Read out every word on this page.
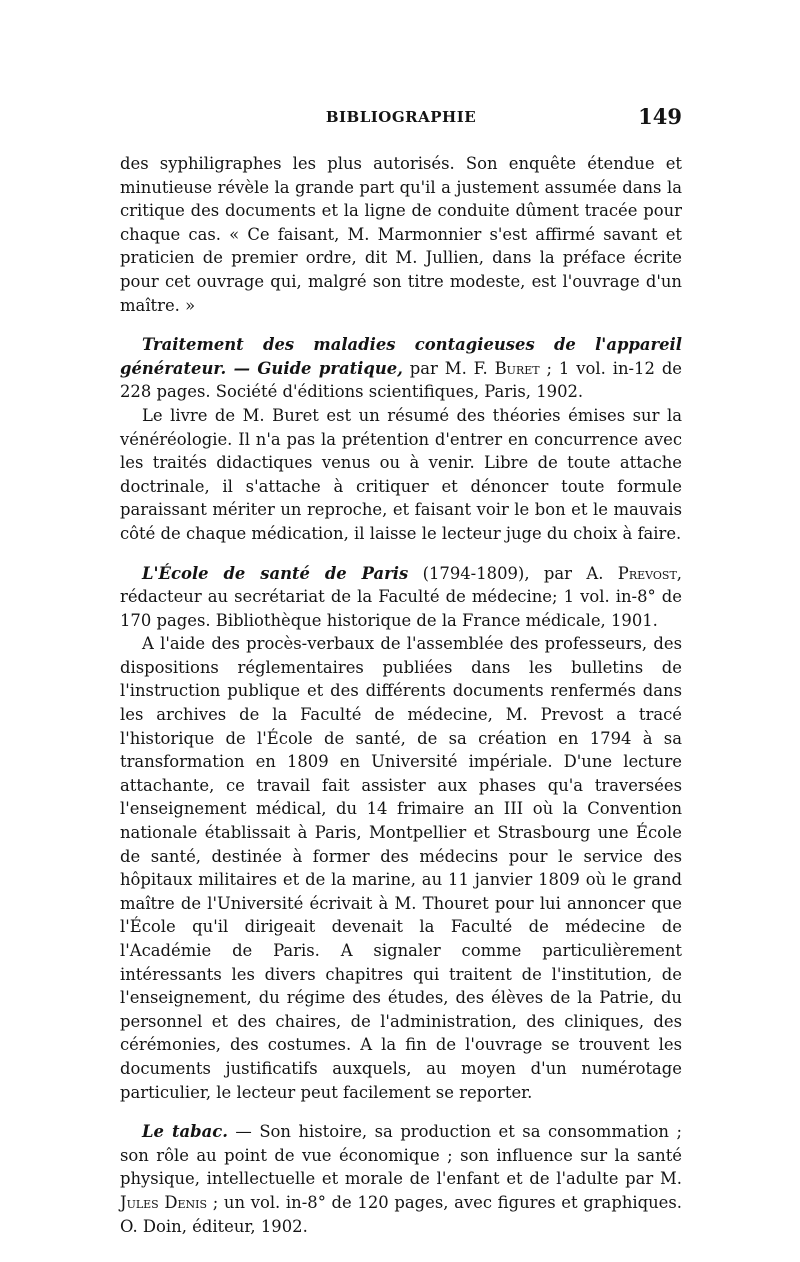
BIBLIOGRAPHIE	149

des syphiligraphes les plus autorisés. Son enquête étendue et minutieuse révèle la grande part qu'il a justement assumée dans la critique des documents et la ligne de conduite dûment tracée pour chaque cas. « Ce faisant, M. Marmonnier s'est affirmé savant et praticien de premier ordre, dit M. Jullien, dans la préface écrite pour cet ouvrage qui, malgré son titre modeste, est l'ouvrage d'un maître. »

Traitement des maladies contagieuses de l'appareil générateur. — Guide pratique, par M. F. Buret ; 1 vol. in-12 de 228 pages. Société d'éditions scientifiques, Paris, 1902.

Le livre de M. Buret est un résumé des théories émises sur la vénéréologie. Il n'a pas la prétention d'entrer en concurrence avec les traités didactiques venus ou à venir. Libre de toute attache doctrinale, il s'attache à critiquer et dénoncer toute formule paraissant mériter un reproche, et faisant voir le bon et le mauvais côté de chaque médication, il laisse le lecteur juge du choix à faire.

L'École de santé de Paris (1794-1809), par A. Prevost, rédacteur au secrétariat de la Faculté de médecine; 1 vol. in-8° de 170 pages. Bibliothèque historique de la France médicale, 1901.

A l'aide des procès-verbaux de l'assemblée des professeurs, des dispositions réglementaires publiées dans les bulletins de l'instruction publique et des différents documents renfermés dans les archives de la Faculté de médecine, M. Prevost a tracé l'historique de l'École de santé, de sa création en 1794 à sa transformation en 1809 en Université impériale. D'une lecture attachante, ce travail fait assister aux phases qu'a traversées l'enseignement médical, du 14 frimaire an III où la Convention nationale établissait à Paris, Montpellier et Strasbourg une École de santé, destinée à former des médecins pour le service des hôpitaux militaires et de la marine, au 11 janvier 1809 où le grand maître de l'Université écrivait à M. Thouret pour lui annoncer que l'École qu'il dirigeait devenait la Faculté de médecine de l'Académie de Paris. A signaler comme particulièrement intéressants les divers chapitres qui traitent de l'institution, de l'enseignement, du régime des études, des élèves de la Patrie, du personnel et des chaires, de l'administration, des cliniques, des cérémonies, des costumes. A la fin de l'ouvrage se trouvent les documents justificatifs auxquels, au moyen d'un numérotage particulier, le lecteur peut facilement se reporter.

Le tabac. — Son histoire, sa production et sa consommation ; son rôle au point de vue économique ; son influence sur la santé physique, intellectuelle et morale de l'enfant et de l'adulte par M. Jules Denis ; un vol. in-8° de 120 pages, avec figures et graphiques. O. Doin, éditeur, 1902.
